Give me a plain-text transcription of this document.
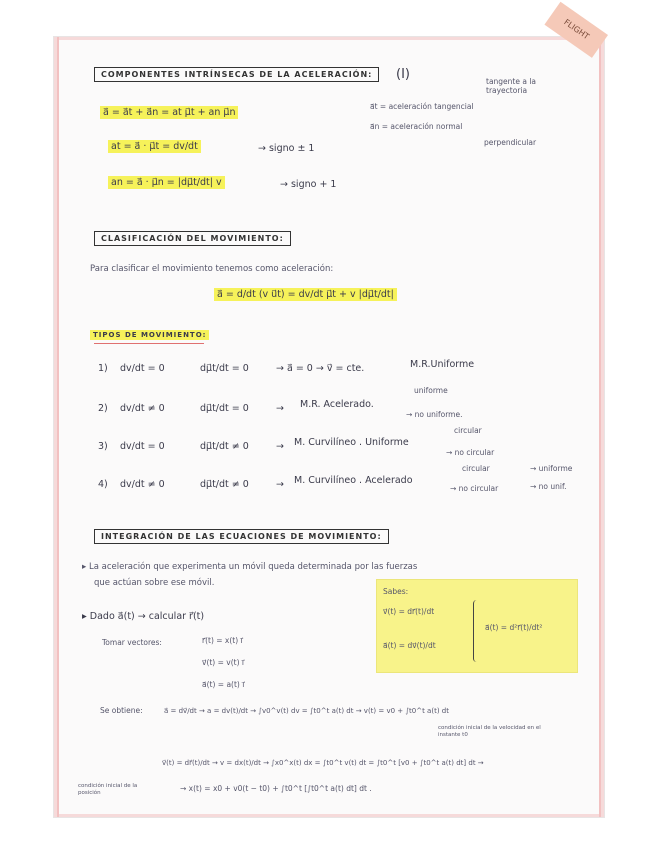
FLIGHT
COMPONENTES INTRÍNSECAS DE LA ACELERACIÓN:	(I)	tangente a la trayectoria
a⃗ = a⃗t + a⃗n = at μ⃗t + an μ⃗n
a⃗t = aceleración tangencial
a⃗n = aceleración normal
perpendicular
at = a⃗ · μ⃗t = dv/dt	→ signo ± 1
an = a⃗ · μ⃗n = |dμ⃗t/dt| v	→ signo + 1
CLASIFICACIÓN DEL MOVIMIENTO:
Para clasificar el movimiento tenemos como aceleración:
a⃗ = d/dt (v u⃗t) = dv/dt μ⃗t + v |dμ⃗t/dt|
TIPOS DE MOVIMIENTO:
1) dv/dt = 0	dμ⃗t/dt = 0	→ a⃗ = 0 → v⃗ = cte.	M.R.Uniforme
2) dv/dt ≠ 0	dμ⃗t/dt = 0	→ M.R. Acelerado.
uniforme
→ no uniforme.
3) dv/dt = 0	dμ⃗t/dt ≠ 0	→ M. Curvilíneo . Uniforme
circular
→ no circular
4) dv/dt ≠ 0	dμ⃗t/dt ≠ 0	→ M. Curvilíneo . Acelerado
circular
→ no circular
→ uniforme
→ no unif.
INTEGRACIÓN DE LAS ECUACIONES DE MOVIMIENTO:
▸ La aceleración que experimenta un móvil queda determinada por las fuerzas
que actúan sobre ese móvil.
▸ Dado a⃗(t) → calcular r⃗(t)
Tomar vectores:	r⃗(t) = x(t) i⃗
v⃗(t) = v(t) i⃗
a⃗(t) = a(t) i⃗
Sabes:
v⃗(t) = dr⃗(t)/dt
a⃗(t) = dv⃗(t)/dt
a⃗(t) = d²r⃗(t)/dt²
Se obtiene:	a⃗ = dv⃗/dt → a = dv(t)/dt → ∫v0^v(t) dv = ∫t0^t a(t) dt → v(t) = v0 + ∫t0^t a(t) dt
condición inicial de la velocidad en el instante t0
v⃗(t) = dr⃗(t)/dt → v = dx(t)/dt → ∫x0^x(t) dx = ∫t0^t v(t) dt = ∫t0^t [v0 + ∫t0^t a(t) dt] dt →
→ x(t) = x0 + v0(t − t0) + ∫t0^t [∫t0^t a(t) dt] dt .
condición inicial de la posición
